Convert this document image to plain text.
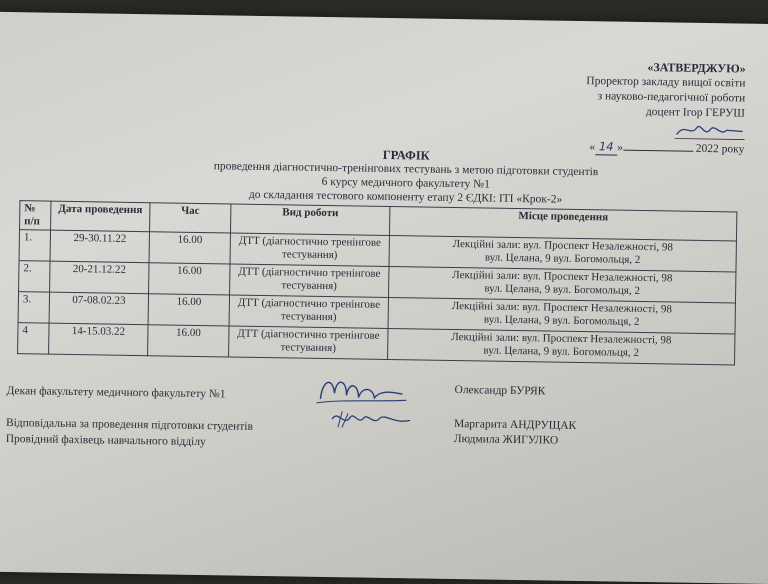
«ЗАТВЕРДЖУЮ»
Проректор закладу вищої освіти
з науково-педагогічної роботи
доцент Ігор ГЕРУШ
« 14 »	2022 року
ГРАФІК
проведення діагностично-тренінгових тестувань з метою підготовки студентів
6 курсу медичного факультету №1
до складання тестового компоненту етапу 2 ЄДКІ: ІТІ «Крок-2»
№ п/п	Дата проведення	Час	Вид роботи	Місце проведення
1.	29-30.11.22	16.00	ДТТ (діагностично тренінгове тестування)	Лекційні зали: вул. Проспект Незалежності, 98
вул. Целана, 9 вул. Богомольця, 2

2.	20-21.12.22	16.00	ДТТ (діагностично тренінгове тестування)	Лекційні зали: вул. Проспект Незалежності, 98
вул. Целана, 9 вул. Богомольця, 2

3.	07-08.02.23	16.00	ДТТ (діагностично тренінгове тестування)	Лекційні зали: вул. Проспект Незалежності, 98
вул. Целана, 9 вул. Богомольця, 2

4	14-15.03.22	16.00	ДТТ (діагностично тренінгове тестування)	Лекційні зали: вул. Проспект Незалежності, 98
вул. Целана, 9 вул. Богомольця, 2
Декан факультету медичного факультету №1	Олександр БУРЯК
Відповідальна за проведення підготовки студентів	Маргарита АНДРУЩАК
Провідний фахівець навчального відділу	Людмила ЖИГУЛКО
